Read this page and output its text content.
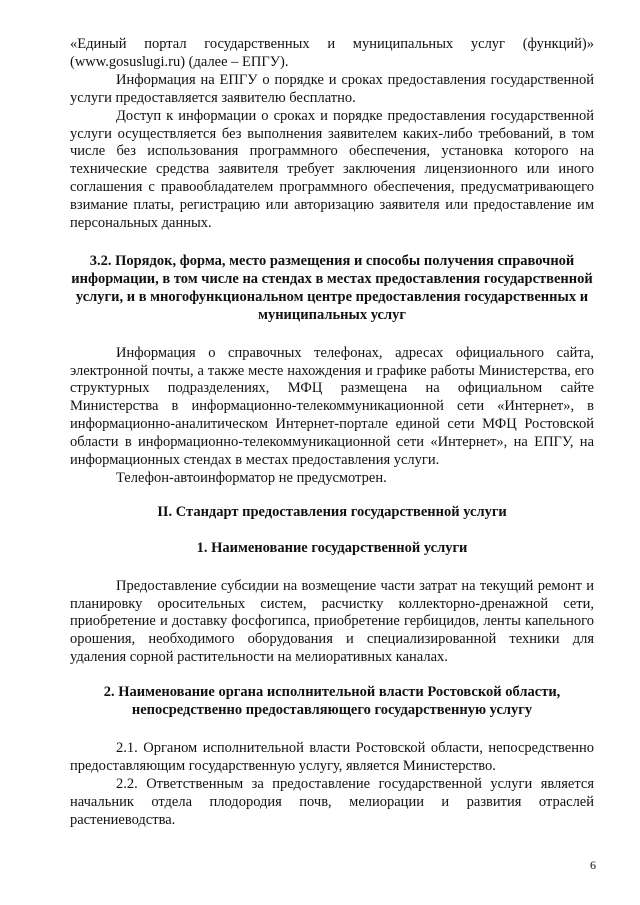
«Единый портал государственных и муниципальных услуг (функций)» (www.gosuslugi.ru) (далее – ЕПГУ).

Информация на ЕПГУ о порядке и сроках предоставления государственной услуги предоставляется заявителю бесплатно.

Доступ к информации о сроках и порядке предоставления государственной услуги осуществляется без выполнения заявителем каких-либо требований, в том числе без использования программного обеспечения, установка которого на технические средства заявителя требует заключения лицензионного или иного соглашения с правообладателем программного обеспечения, предусматривающего взимание платы, регистрацию или авторизацию заявителя или предоставление им персональных данных.

3.2. Порядок, форма, место размещения и способы получения справочной информации, в том числе на стендах в местах предоставления государственной услуги, и в многофункциональном центре предоставления государственных и муниципальных услуг

Информация о справочных телефонах, адресах официального сайта, электронной почты, а также месте нахождения и графике работы Министерства, его структурных подразделениях, МФЦ размещена на официальном сайте Министерства в информационно-телекоммуникационной сети «Интернет», в информационно-аналитическом Интернет-портале единой сети МФЦ Ростовской области в информационно-телекоммуникационной сети «Интернет», на ЕПГУ, на информационных стендах в местах предоставления услуги.

Телефон-автоинформатор не предусмотрен.

II. Стандарт предоставления государственной услуги

1. Наименование государственной услуги

Предоставление субсидии на возмещение части затрат на текущий ремонт и планировку оросительных систем, расчистку коллекторно-дренажной сети, приобретение и доставку фосфогипса, приобретение гербицидов, ленты капельного орошения, необходимого оборудования и специализированной техники для удаления сорной растительности на мелиоративных каналах.

2. Наименование органа исполнительной власти Ростовской области, непосредственно предоставляющего государственную услугу

2.1. Органом исполнительной власти Ростовской области, непосредственно предоставляющим государственную услугу, является Министерство.

2.2. Ответственным за предоставление государственной услуги является начальник отдела плодородия почв, мелиорации и развития отраслей растениеводства.

6
